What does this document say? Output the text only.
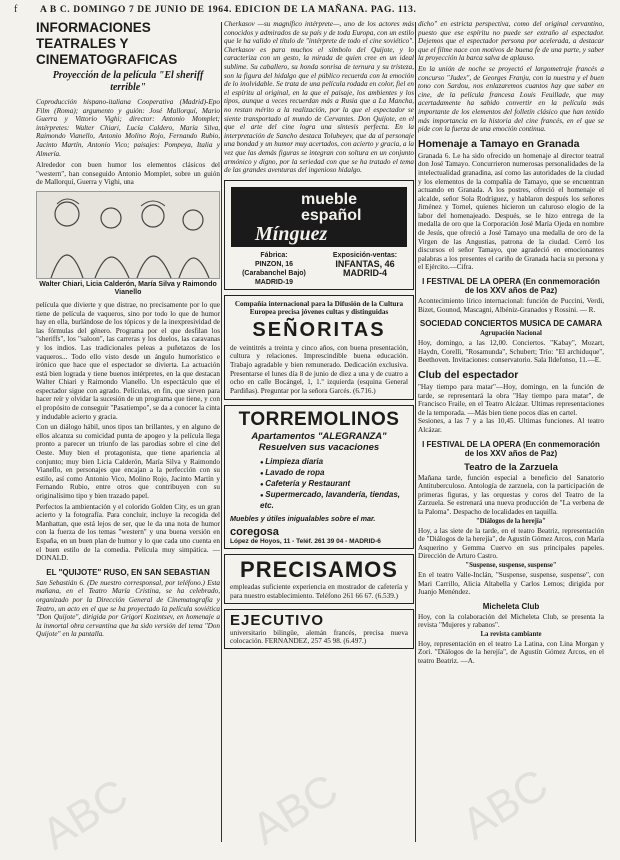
f A B C. DOMINGO 7 DE JUNIO DE 1964. EDICION DE LA MAÑANA. PAG. 113.
INFORMACIONES TEATRALES Y CINEMATOGRAFICAS
Proyección de la película "El sheriff terrible"

Coproducción hispano-italiana Cooperativa (Madrid)-Epo Film (Roma); argumento y guión: José Mallorquí, Mario Guerra y Vittorio Vighi; director: Antonio Momplet; intérpretes: Walter Chiari, Lucía Caldero, María Silva, Raimondo Vianello, Antonio Molino Rojo, Fernando Rubio, Jacinto Martín, Antonio Vico; paisajes: Pompeya, Italia y Almería.

Alrededor con buen humor los elementos clásicos del "western", han conseguido Antonio Momplet, sobre un guión de Mallorquí, Guerra y Vighi, una

Walter Chiari, Licia Calderón, María Silva y Raimondo Vianello

película que divierte y que distrae, no precisamente por lo que tiene de película de vaqueros, sino por todo lo que de humor hay en ella, burlándose de los tópicos y de la inexpresividad de las fórmulas del género. Programa por el que desfilan los "sheriffs", los "saloon", las carreras y los duelos, las caravanas y los indios. Las tradicionales peleas a puñetazos de los vaqueros... Todo ello visto desde un ángulo humorístico e irónico que hace que el espectador se divierta. La actuación está bien lograda y tiene buenos intérpretes, en la que destacan Walter Chiari y Raimondo Vianello. Un espectáculo que el espectador sigue con agrado. Películas, en fin, que sirven para hacer reír y olvidar la sucesión de un programa que tiene, y con el propósito de conseguir "Pasatiempo", se da a conocer la cinta y indudable acierto y gracia.

Con un diálogo hábil, unos tipos tan brillantes, y en alguno de ellos alcanza su comicidad punta de apogeo y la película llega pronto a parecer un triunfo de las parodias sobre el cine del Oeste. Muy bien el protagonista, que tiene apariencia al conjunto; muy bien Licia Calderón, María Silva y Raimondo Vianello, en personajes que encajan a la perfección con su estilo, así como Antonio Vico, Molino Rojo, Jacinto Martín y Fernando Rubio, entre otros que contribuyen con su originalísimo tipo y bien trazado papel.

Perfectos la ambientación y el colorido Golden City, es un gran acierto y la fotografía. Para concluir, incluye la recogida del Manhattan, que está lejos de ser, que le da una nota de humor con la fuerza de los temas "western" y una buena versión en España, en un buen plan de humor y lo que cada uno cuenta en el buen estilo de la comedia. Película muy simpática. —DONALD.

EL "QUIJOTE" RUSO, EN SAN SEBASTIAN

San Sebastián 6. (De nuestro corresponsal, por teléfono.) Esta mañana, en el Teatro María Cristina, se ha celebrado, organizado por la Dirección General de Cinematografía y Teatro, un acto en el que se ha proyectado la película soviética "Don Quijote", dirigida por Grigori Kozintsev, en homenaje a la inmortal obra cervantina que ha sido versión del tema "Don Quijote" en la pantalla.

Cherkasov —su magnífico intérprete—, uno de los actores más conocidos y admirados de su país y de toda Europa, con un estilo que le ha valido el título de "intérprete de todo el cine soviético". Cherkasov es para muchos el símbolo del Quijote, y lo caracteriza con un gesto, la mirada de quien cree en un ideal sublime. Su caballero, su honda sonrisa de ternura y su tristeza, son la figura del hidalgo que el público recuerda con la emoción de lo inolvidable. Se trata de una película rodada en color, fiel en el espíritu al original, en la que el paisaje, los ambientes y los tipos, aunque a veces recuerdan más a Rusia que a La Mancha, no restan mérito a la realización, por la que el espectador se siente transportado al mundo de Cervantes. Don Quijote, en el que el arte del cine logra una síntesis perfecta. En la interpretación de Sancho destaca Tolubeyev, que da al personaje una bondad y un humor muy acertados, con acierto y gracia, a la vez que las demás figuras se integran con soltura en un conjunto armónico y digno, por la seriedad con que se ha tratado el tema de las grandes aventuras del ingenioso hidalgo.

mueble
español
Mínguez
Fábrica:
PINZON, 16
(Carabanchel Bajo)
MADRID-19
Exposición-ventas:
INFANTAS, 46
MADRID-4

Compañía internacional para la Difusión de la Cultura Europea precisa jóvenes cultas y distinguidas

SEÑORITAS

de veintitrés a treinta y cinco años, con buena presentación, cultura y relaciones. Imprescindible buena educación. Trabajo agradable y bien remunerado. Dedicación exclusiva. Presentarse el lunes día 8 de junio de diez a una y de cuatro a ocho en calle Bocángel, 1, 1.º izquierda (esquina General Pardiñas). Preguntar por la señora Garcés. (6.716.)

TORREMOLINOS
Apartamentos "ALEGRANZA"
Resuelven sus vacaciones
● Limpieza diaria
● Lavado de ropa
● Cafetería y Restaurant
● Supermercado, lavandería, tiendas, etc.
Muebles y útiles inigualables sobre el mar.
coregosa
López de Hoyos, 11 - Teléf. 261 39 04 - MADRID-6
PRECISAMOS

empleadas suficiente experiencia en mostrador de cafetería y para nuestro establecimiento. Teléfono 261 66 67. (6.539.)

EJECUTIVO

universitario bilingüe, alemán francés, precisa nueva colocación. FERNANDEZ, 257 45 98. (6.497.)

dicho" en estricta perspectiva, como del original cervantino, puesto que ese espíritu no puede ser extraño al espectador. Dejemos que el espectador persona por acelerada, a destacar que el filme nace con motivos de buena fe de una parte, y saber la proyección la barca salva de aplauso.

En la unión de noche se proyectó el largometraje francés a concurso "Judex", de Georges Franju, con la nuestra y el buen tono con Sardou, nos enlazaremos cuantos hay que saber en cine, de la película francesa Louis Feuillade, que muy acertadamente ha sabido convertir en la película más importante de los elementos del folletín clásico que han tenido más importancia en la historia del cine francés, en el que se pide con la fuerza de una emoción continua.

Homenaje a Tamayo en Granada

Granada 6. Le ha sido ofrecido un homenaje al director teatral don José Tamayo. Concurrieron numerosas personalidades de la intelectualidad granadina, así como las autoridades de la ciudad y los elementos de la compañía de Tamayo, que se encuentran actuando en Granada. A los postres, ofreció el homenaje el alcalde, señor Sola Rodríguez, y hablaron después los señores Jiménez y Tornel, quienes hicieron un caluroso elogio de la labor del homenajeado. Después, se le hizo entrega de la medalla de oro que la Corporación José María Ojeda en nombre de Jesús, que ofreció a José Tamayo una medalla de oro de la Virgen de las Angustias, patrona de la ciudad. Cerró los discursos el señor Tamayo, que agradeció en emocionantes palabras a los presentes el cariño de Granada hacia su persona y el Ejército.—Cifra.

I FESTIVAL DE LA OPERA (En conmemoración de los XXV años de Paz)

Acontecimiento lírico internacional: función de Puccini, Verdi, Bizet, Gounod, Mascagni, Albéniz-Granados y Rossini. — R.

SOCIEDAD CONCIERTOS MUSICA DE CAMARA
Agrupación Nacional

Hoy, domingo, a las 12,00. Conciertos. "Kabay", Mozart, Haydn, Corelli, "Rosamunda", Schubert; Trío: "El archiduque", Beethoven. Invitaciones: conservatorio. Sala Ildefonso, 11.—E.

Club del espectador

"Hay tiempo para matar"—Hoy, domingo, en la función de tarde, se representará la obra "Hay tiempo para matar", de Francisco Fraile, en el Teatro Alcázar. Ultimas representaciones de la temporada. —Más bien tiene pocos días en cartel.

Sesiones, a las 7 y a las 10,45. Ultimas funciones. Al teatro Alcázar.

I FESTIVAL DE LA OPERA (En conmemoración de los XXV años de Paz)
Teatro de la Zarzuela

Mañana tarde, función especial a beneficio del Sanatorio Antituberculoso. Antología de zarzuela, con la participación de primeras figuras, y las orquestas y coros del Teatro de la Zarzuela. Se estrenará una nueva producción de "La verbena de la Paloma". Despacho de localidades en taquilla.

"Diálogos de la herejía"

Hoy, a las siete de la tarde, en el teatro Beatriz, representación de "Diálogos de la herejía", de Agustín Gómez Arcos, con María Asquerino y Gemma Cuervo en sus principales papeles. Dirección de Arturo Castro.

"Suspense, suspense, suspense"

En el teatro Valle-Inclán, "Suspense, suspense, suspense", con Mari Carrillo, Alicia Altabella y Carlos Lemos; dirigida por Juanjo Menéndez.

Micheleta Club

Hoy, con la colaboración del Micheleta Club, se presenta la revista "Mujeres y rabanos".

La revista cambiante

Hoy, representación en el teatro La Latina, con Lina Morgan y Zori. "Diálogos de la herejía", de Agustín Gómez Arcos, en el teatro Beatriz. —A.

ABC ABC ABC
